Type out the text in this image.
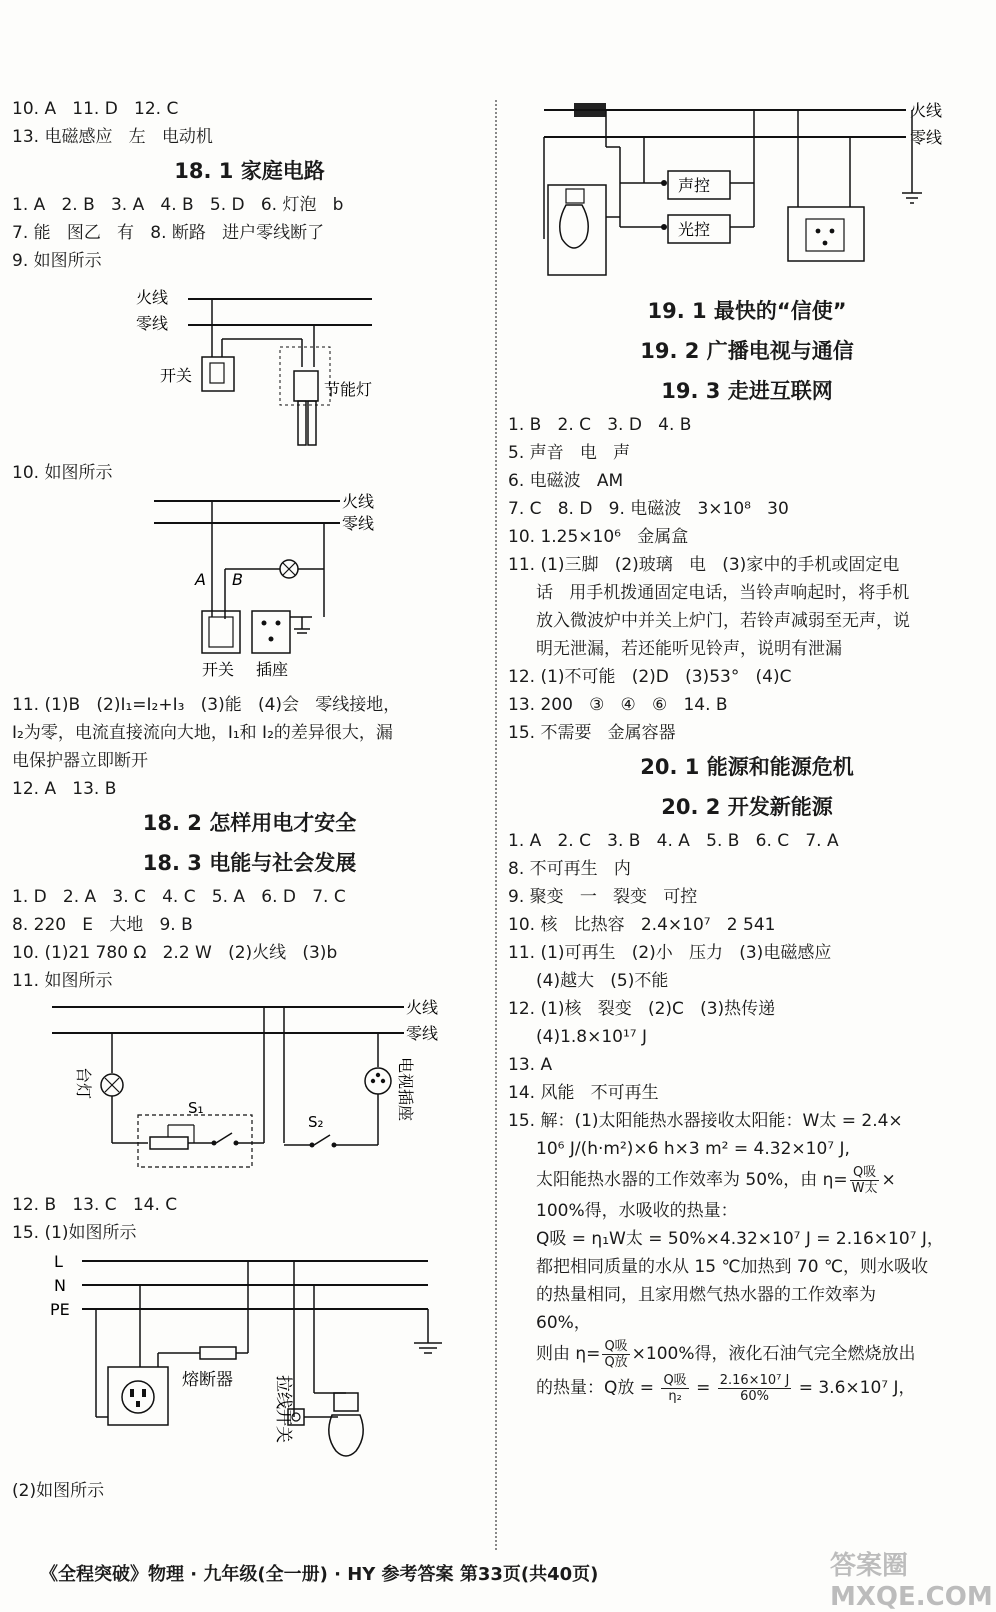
10. A   11. D   12. C

13. 电磁感应   左   电动机

18. 1 家庭电路

1. A   2. B   3. A   4. B   5. D   6. 灯泡   b

7. 能   图乙   有   8. 断路   进户零线断了

9. 如图所示

火线
零线
开关
节能灯

10. 如图所示

火线
零线
A B
开关 插座

11. (1)B   (2)I₁=I₂+I₃   (3)能   (4)会   零线接地，

I₂为零，电流直接流向大地，I₁和 I₂的差异很大，漏

电保护器立即断开

12. A   13. B

18. 2 怎样用电才安全

18. 3 电能与社会发展

1. D   2. A   3. C   4. C   5. A   6. D   7. C

8. 220   E   大地   9. B

10. (1)21 780 Ω   2.2 W   (2)火线   (3)b

11. 如图所示

火线
零线
台灯
S₁
S₂
电视插座

12. B   13. C   14. C

15. (1)如图所示

L
N
PE
熔断器 拉线开关

(2)如图所示

火线
零线
声控
光控

19. 1 最快的“信使”

19. 2 广播电视与通信

19. 3 走进互联网

1. B   2. C   3. D   4. B

5. 声音   电   声

6. 电磁波   AM

7. C   8. D   9. 电磁波   3×10⁸   30

10. 1.25×10⁶   金属盒

11. (1)三脚   (2)玻璃   电   (3)家中的手机或固定电

话   用手机拨通固定电话，当铃声响起时，将手机

放入微波炉中并关上炉门，若铃声减弱至无声，说

明无泄漏，若还能听见铃声，说明有泄漏

12. (1)不可能   (2)D   (3)53°   (4)C

13. 200   ③   ④   ⑥   14. B

15. 不需要   金属容器

20. 1 能源和能源危机

20. 2 开发新能源

1. A   2. C   3. B   4. A   5. B   6. C   7. A

8. 不可再生   内

9. 聚变   一   裂变   可控

10. 核   比热容   2.4×10⁷   2 541

11. (1)可再生   (2)小   压力   (3)电磁感应

(4)越大   (5)不能

12. (1)核   裂变   (2)C   (3)热传递

(4)1.8×10¹⁷ J

13. A

14. 风能   不可再生

15. 解：(1)太阳能热水器接收太阳能：W太 = 2.4×

10⁶ J/(h·m²)×6 h×3 m² = 4.32×10⁷ J,

太阳能热水器的工作效率为 50%，由 $\eta= \frac{\text{Q吸}}{\text{W太}}$ ×

100%得，水吸收的热量：

Q吸 = η₁W太 = 50%×4.32×10⁷ J = 2.16×10⁷ J，

都把相同质量的水从 15 ℃加热到 70 ℃，则水吸收

的热量相同，且家用燃气热水器的工作效率为

60%，

则由 $\eta= \frac{\text{Q吸}}{\text{Q放}} \times 100\%$得，液化石油气完全燃烧放出

的热量：Q放 = $\frac{\text{Q吸}}{\text{η₂}} = \frac{\text{2.16×10⁷ J}}{60\%} = 3.6\times 10^7$ J，

《全程突破》物理 · 九年级(全一册) · HY 参考答案 第33页(共40页)	答案圈 MXQE.COM
